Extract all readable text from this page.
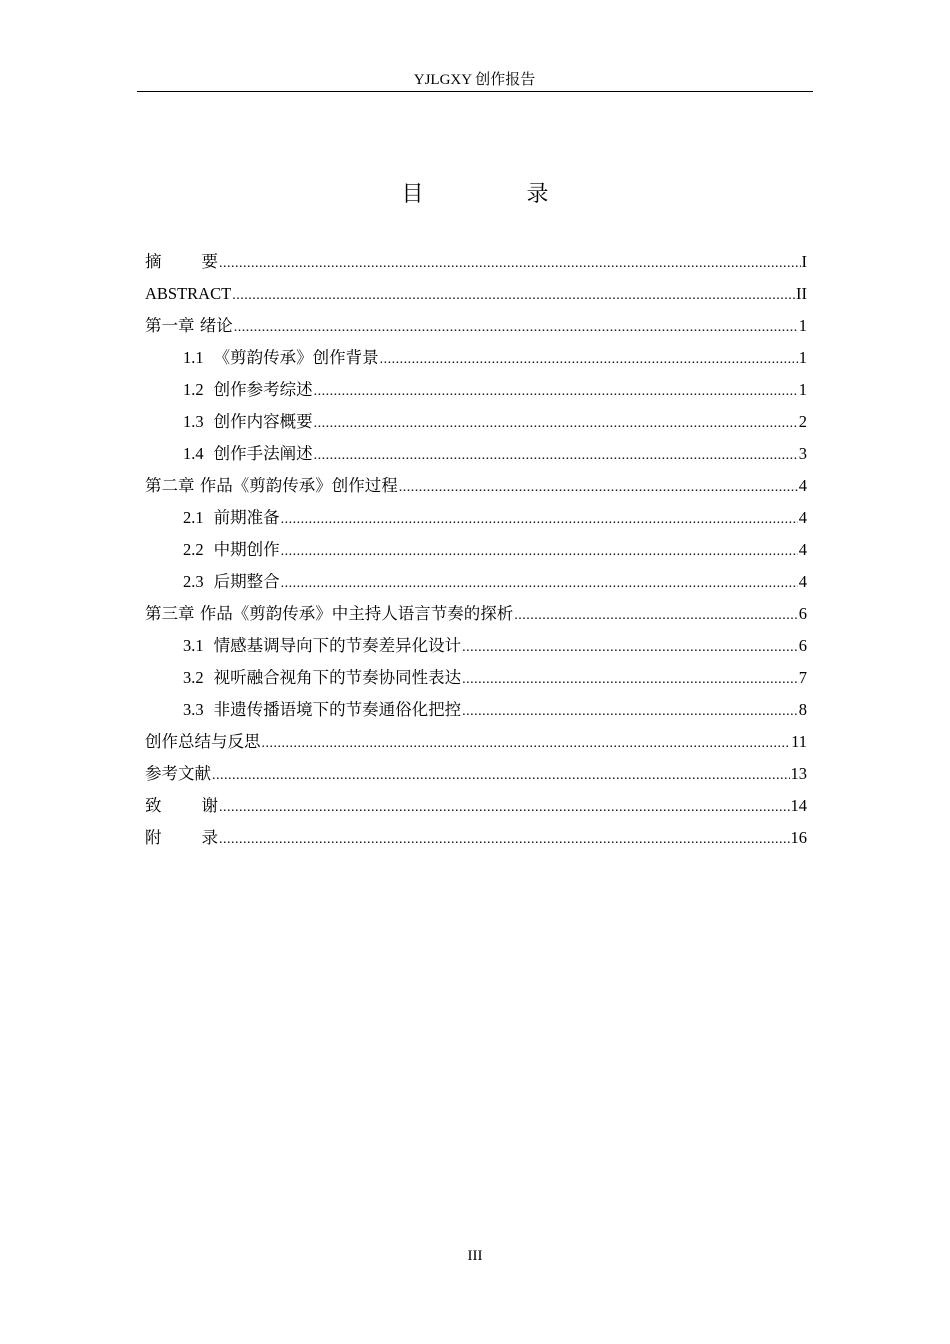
YJLGXY 创作报告
目 录
摘要 .....	I
ABSTRACT .....	II
第一章 绪论 .....	1
1.1 《剪韵传承》创作背景 .....	1
1.2 创作参考综述 .....	1
1.3 创作内容概要 .....	2
1.4 创作手法阐述 .....	3
第二章 作品《剪韵传承》创作过程 .....	4
2.1 前期准备 .....	4
2.2 中期创作 .....	4
2.3 后期整合 .....	4
第三章 作品《剪韵传承》中主持人语言节奏的探析 .....	6
3.1 情感基调导向下的节奏差异化设计 .....	6
3.2 视听融合视角下的节奏协同性表达 .....	7
3.3 非遗传播语境下的节奏通俗化把控 .....	8
创作总结与反思 .....	11
参考文献 .....	13
致谢 .....	14
附录 .....	16
III
